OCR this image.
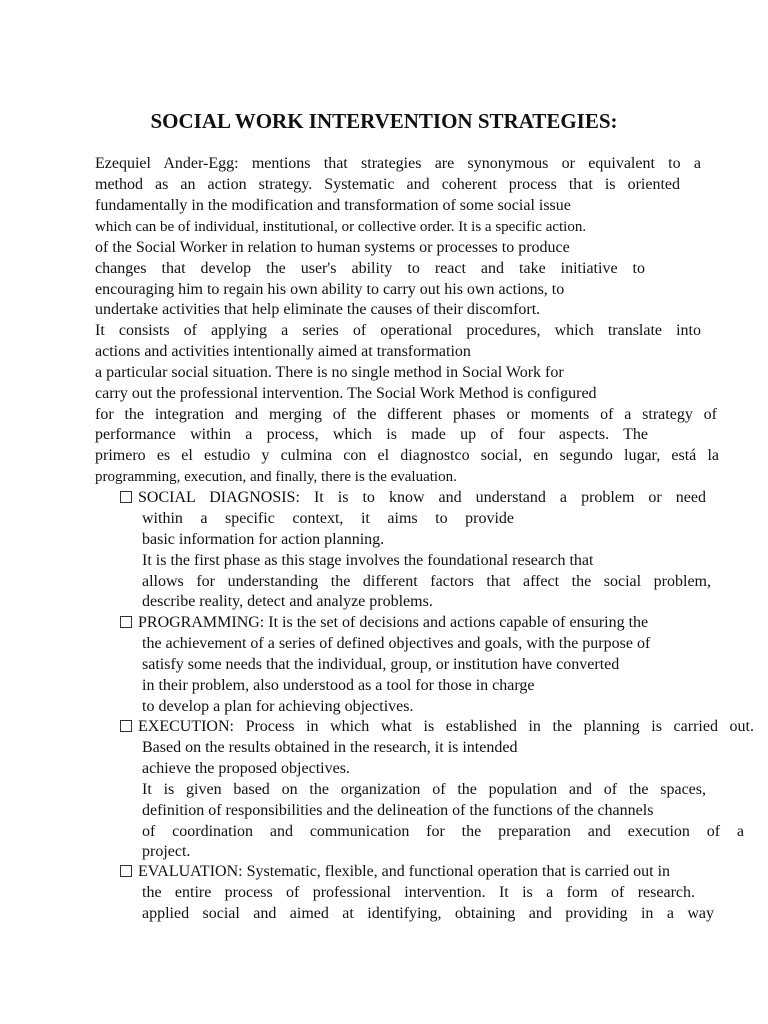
SOCIAL WORK INTERVENTION STRATEGIES:
Ezequiel Ander-Egg: mentions that strategies are synonymous or equivalent to a
method as an action strategy. Systematic and coherent process that is oriented
fundamentally in the modification and transformation of some social issue
which can be of individual, institutional, or collective order. It is a specific action.
of the Social Worker in relation to human systems or processes to produce
changes that develop the user's ability to react and take initiative to
encouraging him to regain his own ability to carry out his own actions, to
undertake activities that help eliminate the causes of their discomfort.
It consists of applying a series of operational procedures, which translate into
actions and activities intentionally aimed at transformation
a particular social situation. There is no single method in Social Work for
carry out the professional intervention. The Social Work Method is configured
for the integration and merging of the different phases or moments of a strategy of
performance within a process, which is made up of four aspects. The
primero es el estudio y culmina con el diagnostco social, en segundo lugar, está la
programming, execution, and finally, there is the evaluation.
SOCIAL DIAGNOSIS: It is to know and understand a problem or need
within a specific context, it aims to provide
basic information for action planning.
It is the first phase as this stage involves the foundational research that
allows for understanding the different factors that affect the social problem,
describe reality, detect and analyze problems.
PROGRAMMING: It is the set of decisions and actions capable of ensuring the
the achievement of a series of defined objectives and goals, with the purpose of
satisfy some needs that the individual, group, or institution have converted
in their problem, also understood as a tool for those in charge
to develop a plan for achieving objectives.
EXECUTION: Process in which what is established in the planning is carried out.
Based on the results obtained in the research, it is intended
achieve the proposed objectives.
It is given based on the organization of the population and of the spaces,
definition of responsibilities and the delineation of the functions of the channels
of coordination and communication for the preparation and execution of a
project.
EVALUATION: Systematic, flexible, and functional operation that is carried out in
the entire process of professional intervention. It is a form of research.
applied social and aimed at identifying, obtaining and providing in a way
